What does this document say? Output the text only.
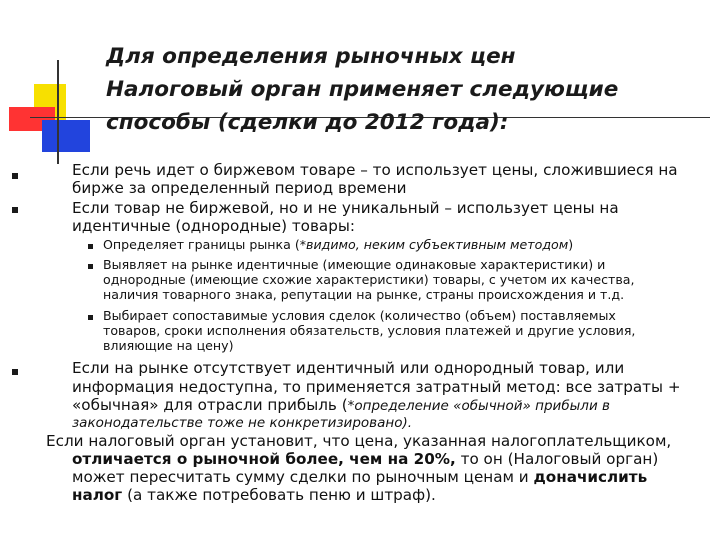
Для определения рыночных цен
Налоговый орган применяет следующие
способы (сделки до 2012 года):
Если речь идет о биржевом товаре – то использует цены, сложившиеся на
бирже за определенный период времени
Если товар не биржевой, но и не уникальный – использует цены на
идентичные (однородные) товары:
Определяет границы рынка (*видимо, неким субъективным методом)
Выявляет на рынке идентичные (имеющие одинаковые характеристики) и
однородные (имеющие схожие характеристики) товары, с учетом их качества,
наличия товарного знака, репутации на рынке, страны происхождения и т.д.
Выбирает сопоставимые условия сделок (количество (объем) поставляемых
товаров, сроки исполнения обязательств, условия платежей и другие условия,
влияющие на цену)
Если на рынке отсутствует идентичный или однородный товар, или
информация недоступна, то применяется затратный метод: все затраты +
«обычная» для отрасли прибыль (*определение «обычной» прибыли в
законодательстве тоже не конкретизировано).
Если налоговый орган установит, что цена, указанная налогоплательщиком,
отличается о рыночной более, чем на 20%, то он (Налоговый орган)
может пересчитать сумму сделки по рыночным ценам и доначислить
налог (а также потребовать пеню и штраф).
